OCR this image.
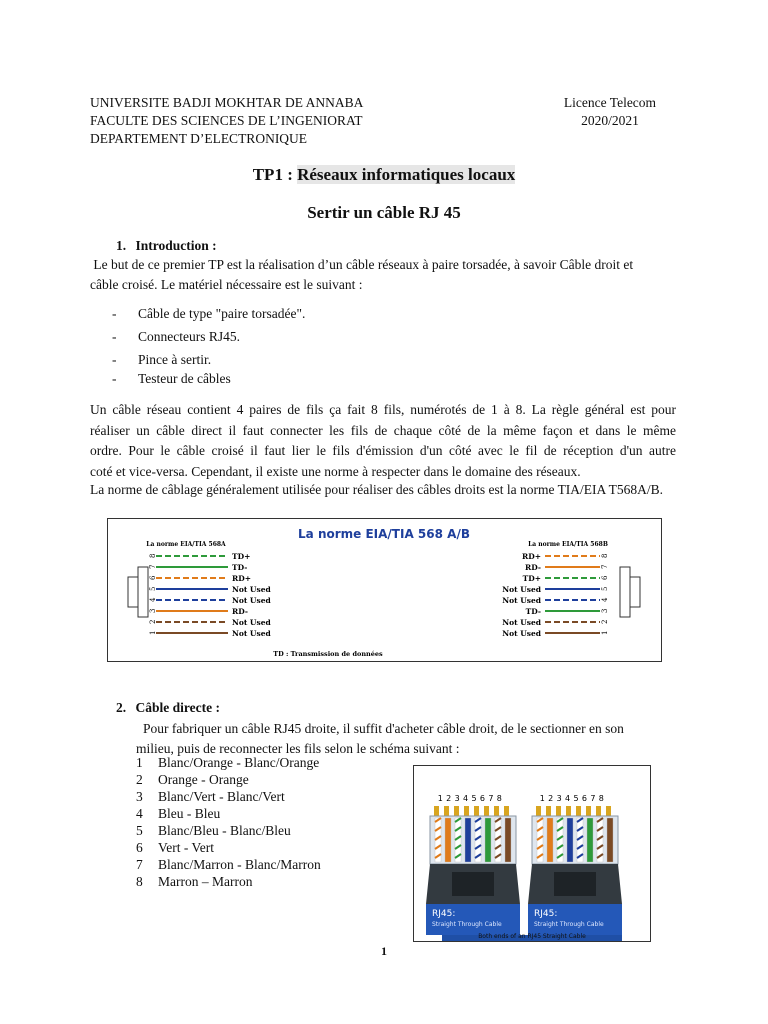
UNIVERSITE BADJI MOKHTAR DE ANNABA
FACULTE DES SCIENCES DE L’INGENIORAT
DEPARTEMENT D’ELECTRONIQUE
Licence Telecom
2020/2021
TP1 : Réseaux informatiques locaux
Sertir un câble RJ 45
1. Introduction :
Le but de ce premier TP est la réalisation d’un câble réseaux à paire torsadée, à savoir Câble droit et
câble croisé. Le matériel nécessaire est le suivant :
- Câble de type "paire torsadée".
- Connecteurs RJ45.
- Pince à sertir.
- Testeur de câbles
Un câble réseau contient 4 paires de fils ça fait 8 fils, numérotés de 1 à 8. La règle général est pour
réaliser un câble direct il faut connecter les fils de chaque côté de la même façon et dans le même
ordre. Pour le câble croisé il faut lier le fils d'émission d'un côté avec le fil de réception d'un autre
coté et vice-versa. Cependant, il existe une norme à respecter dans le domaine des réseaux.
La norme de câblage généralement utilisée pour réaliser des câbles droits est la norme TIA/EIA T568A/B.
La norme EIA/TIA 568 A/B
La norme EIA/TIA 568A	La norme EIA/TIA 568B
8	TD+
7	TD-
6	RD+
5	Not Used
4	Not Used
3	RD-
2	Not Used
1	Not Used
RD+	8
RD-	7
TD+	6
Not Used	5
Not Used	4
TD-	3
Not Used	2
Not Used	1
TD : Transmission de données
2. Câble directe :
Pour fabriquer un câble RJ45 droite, il suffit d'acheter câble droit, de le sectionner en son
milieu, puis de reconnecter les fils selon le schéma suivant :
1 Blanc/Orange - Blanc/Orange
2 Orange - Orange
3 Blanc/Vert - Blanc/Vert
4 Bleu - Bleu
5 Blanc/Bleu - Blanc/Bleu
6 Vert - Vert
7 Blanc/Marron - Blanc/Marron
8 Marron – Marron
1 2 3 4 5 6 7 8	1 2 3 4 5 6 7 8
RJ45:
Straight Through Cable
RJ45:
Straight Through Cable
Both ends of an RJ45 Straight Cable
1
